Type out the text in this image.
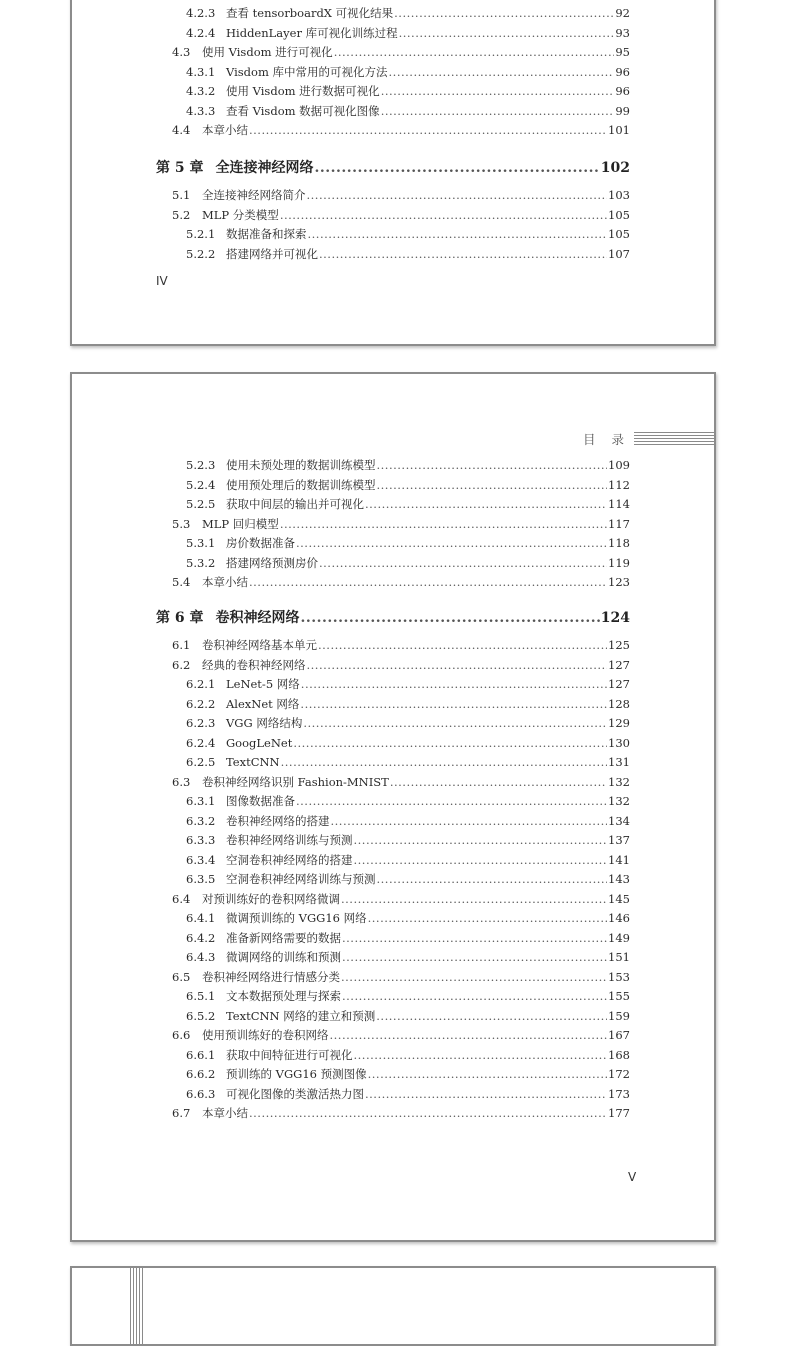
4.2.3 查看 tensorboardX 可视化结果 .....	92
4.2.4 HiddenLayer 库可视化训练过程 .....	93
4.3	使用 Visdom 进行可视化 .....	95
4.3.1 Visdom 库中常用的可视化方法 .....	96
4.3.2 使用 Visdom 进行数据可视化 .....	96
4.3.3 查看 Visdom 数据可视化图像 .....	99
4.4	本章小结 .....	101
第 5 章 全连接神经网络 .....	102
5.1	全连接神经网络简介 .....	103
5.2	MLP 分类模型 .....	105
5.2.1 数据准备和探索 .....	105
5.2.2 搭建网络并可视化 .....	107
IV
目 录
5.2.3 使用未预处理的数据训练模型 .....	109
5.2.4 使用预处理后的数据训练模型 .....	112
5.2.5 获取中间层的输出并可视化 .....	114
5.3	MLP 回归模型 .....	117
5.3.1 房价数据准备 .....	118
5.3.2 搭建网络预测房价 .....	119
5.4	本章小结 .....	123
第 6 章 卷积神经网络 .....	124
6.1	卷积神经网络基本单元 .....	125
6.2	经典的卷积神经网络 .....	127
6.2.1 LeNet-5 网络 .....	127
6.2.2 AlexNet 网络 .....	128
6.2.3 VGG 网络结构 .....	129
6.2.4 GoogLeNet .....	130
6.2.5 TextCNN .....	131
6.3	卷积神经网络识别 Fashion-MNIST .....	132
6.3.1 图像数据准备 .....	132
6.3.2 卷积神经网络的搭建 .....	134
6.3.3 卷积神经网络训练与预测 .....	137
6.3.4 空洞卷积神经网络的搭建 .....	141
6.3.5 空洞卷积神经网络训练与预测 .....	143
6.4	对预训练好的卷积网络微调 .....	145
6.4.1 微调预训练的 VGG16 网络 .....	146
6.4.2 准备新网络需要的数据 .....	149
6.4.3 微调网络的训练和预测 .....	151
6.5	卷积神经网络进行情感分类 .....	153
6.5.1 文本数据预处理与探索 .....	155
6.5.2 TextCNN 网络的建立和预测 .....	159
6.6	使用预训练好的卷积网络 .....	167
6.6.1 获取中间特征进行可视化 .....	168
6.6.2 预训练的 VGG16 预测图像 .....	172
6.6.3 可视化图像的类激活热力图 .....	173
6.7	本章小结 .....	177
V
